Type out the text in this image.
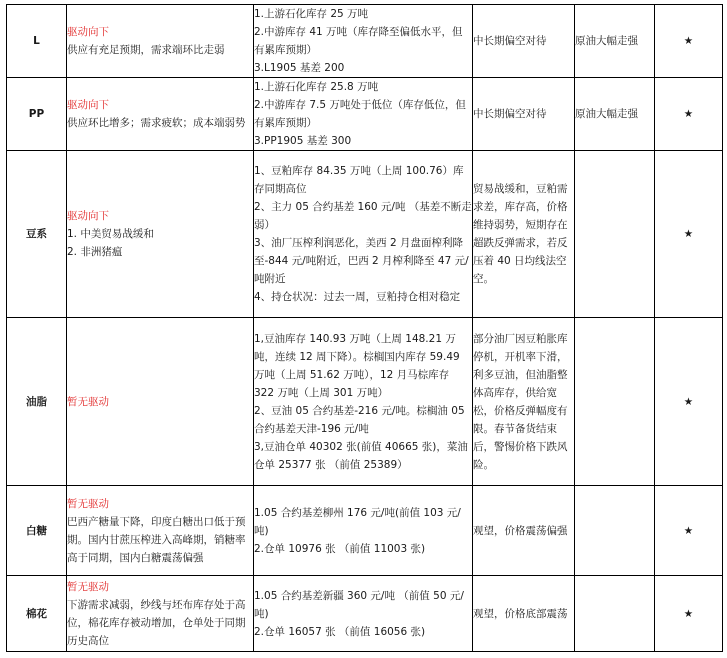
L	驱动向下
供应有充足预期，需求端环比走弱	1.上游石化库存 25 万吨
2.中游库存 41 万吨（库存降至偏低水平，但有累库预期）
3.L1905 基差 200	中长期偏空对待	原油大幅走强	★
PP	驱动向下
供应环比增多；需求疲软；成本端弱势	1.上游石化库存 25.8 万吨
2.中游库存 7.5 万吨处于低位（库存低位，但有累库预期）
3.PP1905 基差 300	中长期偏空对待	原油大幅走强	★
豆系	驱动向下
1. 中美贸易战缓和
2. 非洲猪瘟	1、豆粕库存 84.35 万吨（上周 100.76）库存同期高位
2、主力 05 合约基差 160 元/吨 （基差不断走弱）
3、油厂压榨利润恶化，美西 2 月盘面榨利降至-844 元/吨附近，巴西 2 月榨利降至 47 元/吨附近
4、持仓状况：过去一周，豆粕持仓相对稳定	贸易战缓和，豆粕需求差，库存高，价格维持弱势，短期存在超跌反弹需求，若反压着 40 日均线法空空。		★
油脂	暂无驱动	1,豆油库存 140.93 万吨（上周 148.21 万吨，连续 12 周下降）。棕榈国内库存 59.49 万吨（上周 51.62 万吨），12 月马棕库存 322 万吨（上周 301 万吨）
2、豆油 05 合约基差-216 元/吨。棕榈油 05 合约基差天津-196 元/吨
3,豆油仓单 40302 张(前值 40665 张)，菜油仓单 25377 张 （前值 25389）	部分油厂因豆粕胀库停机，开机率下滑，利多豆油，但油脂整体高库存，供给宽松，价格反弹幅度有限。春节备货结束后，警惕价格下跌风险。		★
白糖	暂无驱动
巴西产糖量下降，印度白糖出口低于预期。国内甘蔗压榨进入高峰期，销糖率高于同期，国内白糖震荡偏强	1.05 合约基差柳州 176 元/吨(前值 103 元/吨)
2.仓单 10976 张 （前值 11003 张)	观望，价格震荡偏强		★
棉花	暂无驱动
下游需求减弱，纱线与坯布库存处于高位，棉花库存被动增加，仓单处于同期历史高位	1.05 合约基差新疆 360 元/吨 （前值 50 元/吨)
2.仓单 16057 张 （前值 16056 张)	观望，价格底部震荡		★
